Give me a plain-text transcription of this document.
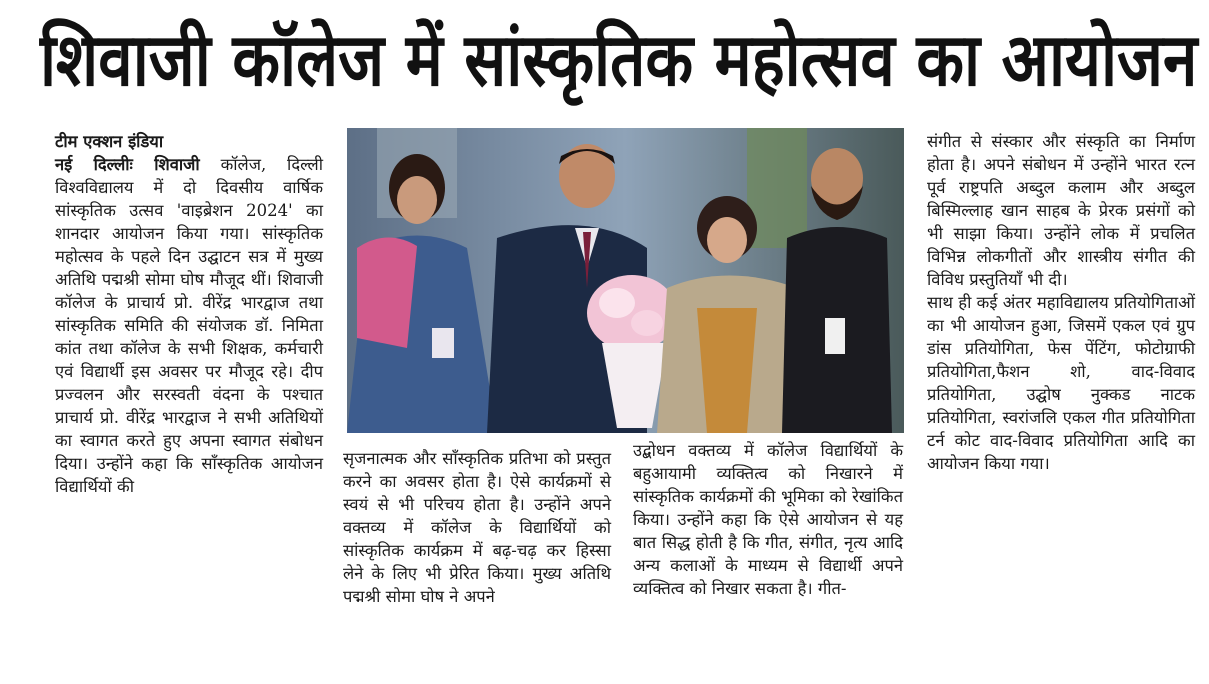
शिवाजी कॉलेज में सांस्कृतिक महोत्सव का आयोजन
टीम एक्शन इंडिया

नई दिल्लीः शिवाजी कॉलेज, दिल्ली विश्वविद्यालय में दो दिवसीय वार्षिक सांस्कृतिक उत्सव 'वाइब्रेशन 2024' का शानदार आयोजन किया गया। सांस्कृतिक महोत्सव के पहले दिन उद्घाटन सत्र में मुख्य अतिथि पद्मश्री सोमा घोष मौजूद थीं। शिवाजी कॉलेज के प्राचार्य प्रो. वीरेंद्र भारद्वाज तथा सांस्कृतिक समिति की संयोजक डॉ. निमिता कांत तथा कॉलेज के सभी शिक्षक, कर्मचारी एवं विद्यार्थी इस अवसर पर मौजूद रहे। दीप प्रज्वलन और सरस्वती वंदना के पश्चात प्राचार्य प्रो. वीरेंद्र भारद्वाज ने सभी अतिथियों का स्वागत करते हुए अपना स्वागत संबोधन दिया। उन्होंने कहा कि साँस्कृतिक आयोजन विद्यार्थियों की

सृजनात्मक और साँस्कृतिक प्रतिभा को प्रस्तुत करने का अवसर होता है। ऐसे कार्यक्रमों से स्वयं से भी परिचय होता है। उन्होंने अपने वक्तव्य में कॉलेज के विद्यार्थियों को सांस्कृतिक कार्यक्रम में बढ़-चढ़ कर हिस्सा लेने के लिए भी प्रेरित किया। मुख्य अतिथि पद्मश्री सोमा घोष ने अपने

उद्बोधन वक्तव्य में कॉलेज विद्यार्थियों के बहुआयामी व्यक्तित्व को निखारने में सांस्कृतिक कार्यक्रमों की भूमिका को रेखांकित किया। उन्होंने कहा कि ऐसे आयोजन से यह बात सिद्ध होती है कि गीत, संगीत, नृत्य आदि अन्य कलाओं के माध्यम से विद्यार्थी अपने व्यक्तित्व को निखार सकता है। गीत-

संगीत से संस्कार और संस्कृति का निर्माण होता है। अपने संबोधन में उन्होंने भारत रत्न पूर्व राष्ट्रपति अब्दुल कलाम और अब्दुल बिस्मिल्लाह खान साहब के प्रेरक प्रसंगों को भी साझा किया। उन्होंने लोक में प्रचलित विभिन्न लोकगीतों और शास्त्रीय संगीत की विविध प्रस्तुतियाँ भी दी।

साथ ही कई अंतर महाविद्यालय प्रतियोगिताओं का भी आयोजन हुआ, जिसमें एकल एवं ग्रुप डांस प्रतियोगिता, फेस पेंटिंग, फोटोग्राफी प्रतियोगिता,फैशन शो, वाद-विवाद प्रतियोगिता, उद्घोष नुक्कड नाटक प्रतियोगिता, स्वरांजलि एकल गीत प्रतियोगिता टर्न कोट वाद-विवाद प्रतियोगिता आदि का आयोजन किया गया।
